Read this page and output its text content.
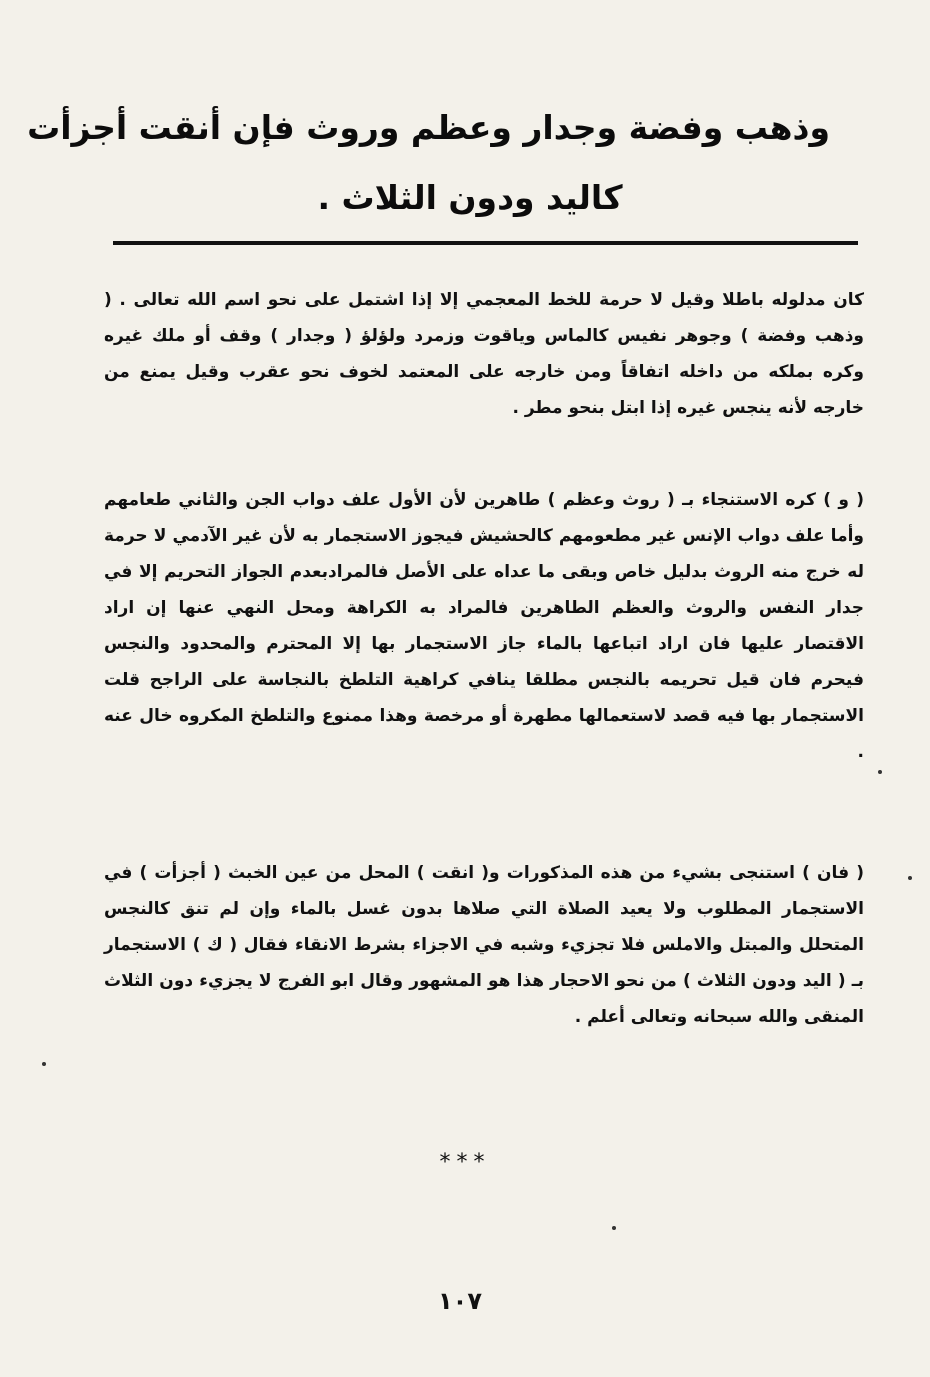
وذهب وفضة وجدار وعظم وروث فإن أنقت أجزأت
كاليد ودون الثلاث .

كان مدلوله باطلا وقيل لا حرمة للخط المعجمي إلا إذا اشتمل على نحو اسم الله تعالى . ( وذهب وفضة ) وجوهر نفيس كالماس وياقوت وزمرد ولؤلؤ ( وجدار ) وقف أو ملك غيره وكره بملكه من داخله اتفاقاً ومن خارجه على المعتمد لخوف نحو عقرب وقيل يمنع من خارجه لأنه ينجس غيره إذا ابتل بنحو مطر .

( و ) كره الاستنجاء بـ ( روث وعظم ) طاهرين لأن الأول علف دواب الجن والثاني طعامهم وأما علف دواب الإنس غير مطعومهم كالحشيش فيجوز الاستجمار به لأن غير الآدمي لا حرمة له خرج منه الروث بدليل خاص وبقى ما عداه على الأصل فالمرادبعدم الجواز التحريم إلا في جدار النفس والروث والعظم الطاهرين فالمراد به الكراهة ومحل النهي عنها إن اراد الاقتصار عليها فان اراد اتباعها بالماء جاز الاستجمار بها إلا المحترم والمحدود والنجس فيحرم فان قيل تحريمه بالنجس مطلقا ينافي كراهية التلطخ بالنجاسة على الراجح قلت الاستجمار بها فيه قصد لاستعمالها مطهرة أو مرخصة وهذا ممنوع والتلطخ المكروه خال عنه .

( فان ) استنجى بشيء من هذه المذكورات و( انقت ) المحل من عين الخبث ( أجزأت ) في الاستجمار المطلوب ولا يعيد الصلاة التي صلاها بدون غسل بالماء وإن لم تنق كالنجس المتحلل والمبتل والاملس فلا تجزيء وشبه في الاجزاء بشرط الانقاء فقال ( ك ) الاستجمار بـ ( اليد ودون الثلاث ) من نحو الاحجار هذا هو المشهور وقال ابو الفرج لا يجزيء دون الثلاث المنقى والله سبحانه وتعالى أعلم .

***
١٠٧
